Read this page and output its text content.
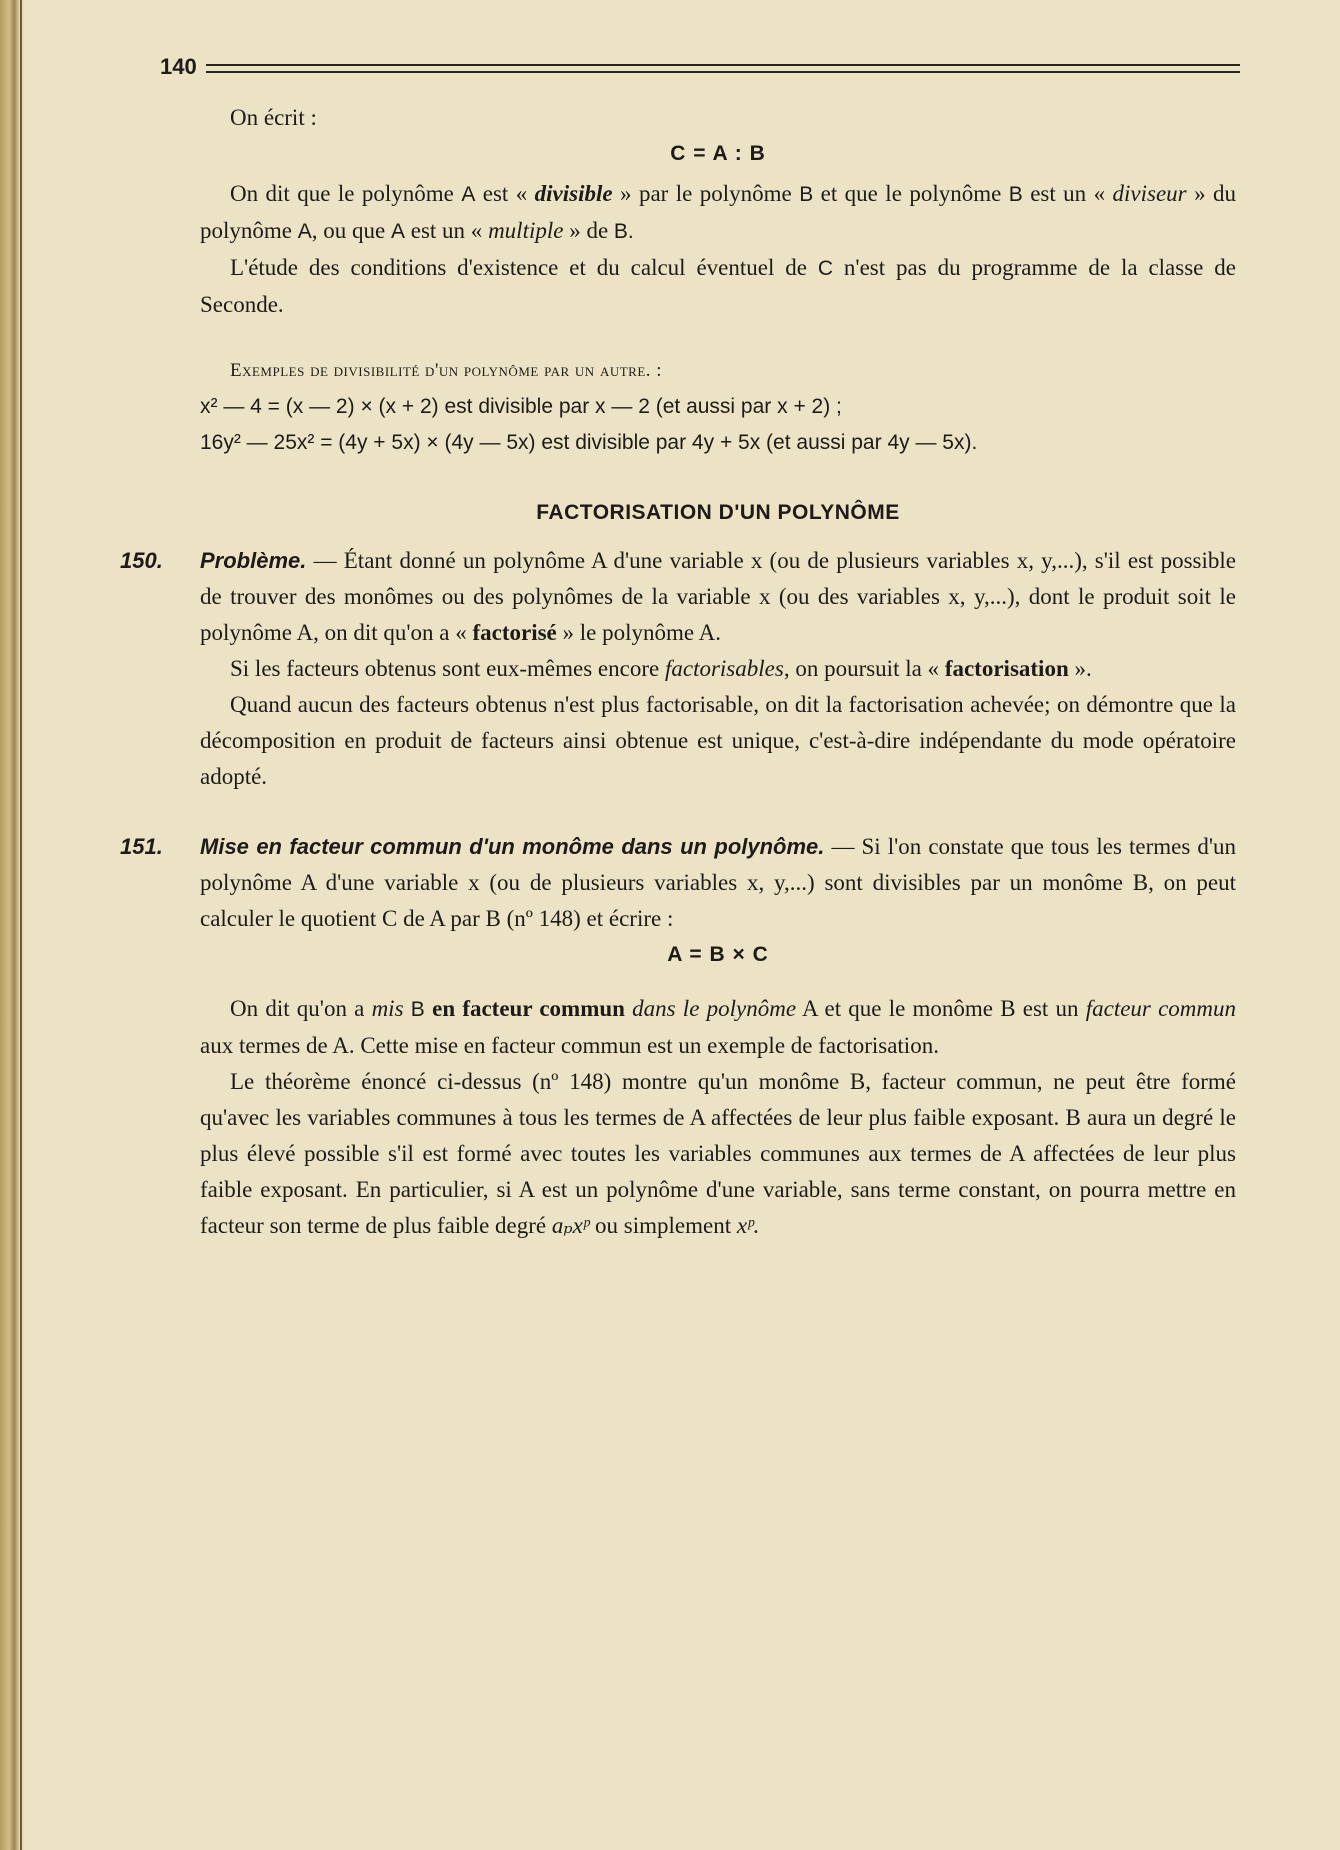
140

On écrit :

C = A : B

On dit que le polynôme A est « divisible » par le polynôme B et que le polynôme B est un « diviseur » du polynôme A, ou que A est un « multiple » de B.

L'étude des conditions d'existence et du calcul éventuel de C n'est pas du programme de la classe de Seconde.

Exemples de divisibilité d'un polynôme par un autre. :

x² — 4 = (x — 2) × (x + 2) est divisible par x — 2 (et aussi par x + 2) ;

16y² — 25x² = (4y + 5x) × (4y — 5x) est divisible par 4y + 5x (et aussi par 4y — 5x).

FACTORISATION D'UN POLYNÔME
150. Problème. — Étant donné un polynôme A d'une variable x (ou de plusieurs variables x, y,...), s'il est possible de trouver des monômes ou des polynômes de la variable x (ou des variables x, y,...), dont le produit soit le polynôme A, on dit qu'on a « factorisé » le polynôme A.

Si les facteurs obtenus sont eux-mêmes encore factorisables, on poursuit la « factorisation ».

Quand aucun des facteurs obtenus n'est plus factorisable, on dit la factorisation achevée; on démontre que la décomposition en produit de facteurs ainsi obtenue est unique, c'est-à-dire indépendante du mode opératoire adopté.

151. Mise en facteur commun d'un monôme dans un polynôme. — Si l'on constate que tous les termes d'un polynôme A d'une variable x (ou de plusieurs variables x, y,...) sont divisibles par un monôme B, on peut calculer le quotient C de A par B (nº 148) et écrire :

A = B × C

On dit qu'on a mis B en facteur commun dans le polynôme A et que le monôme B est un facteur commun aux termes de A. Cette mise en facteur commun est un exemple de factorisation.

Le théorème énoncé ci-dessus (nº 148) montre qu'un monôme B, facteur commun, ne peut être formé qu'avec les variables communes à tous les termes de A affectées de leur plus faible exposant. B aura un degré le plus élevé possible s'il est formé avec toutes les variables communes aux termes de A affectées de leur plus faible exposant. En particulier, si A est un polynôme d'une variable, sans terme constant, on pourra mettre en facteur son terme de plus faible degré aₚxᵖ ou simplement xᵖ.
